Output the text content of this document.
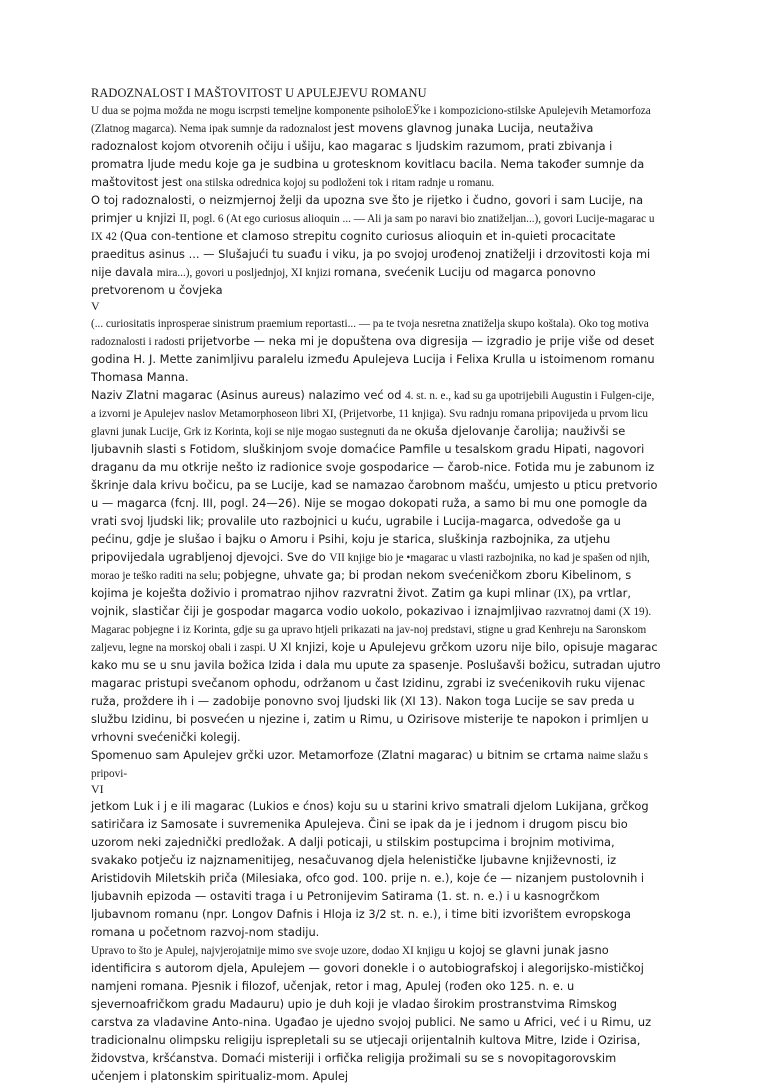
RADOZNALOST I MAŠTOVITOST U APULEJEVU ROMANU

U dua se pojma možda ne mogu iscrpsti temeljne komponente psiholoЕЎke i kompoziciono-stilske Apulejevih Metamorfoza (Zlatnog magarca). Nema ipak sumnje da radoznalost jest movens glavnog junaka Lucija, neutaživa radoznalost kojom otvorenih očiju i ušiju, kao magarac s ljudskim razumom, prati zbivanja i promatra ljude medu koje ga je sudbina u grotesknom kovitlacu bacila. Nema također sumnje da maštovitost jest ona stilska odrednica kojoj su podloženi tok i ritam radnje u romanu.

O toj radoznalosti, o neizmjernoj želji da upozna sve što je rijetko i čudno, govori i sam Lucije, na primjer u knjizi II, pogl. 6 (At ego curiosus alioquin ... — Ali ja sam po naravi bio znatiželjan...), govori Lucije-magarac u IX 42 (Qua con-tentione et clamoso strepitu cognito curiosus alioquin et in-quieti procacitate praeditus asinus ... — Slušajući tu suađu i viku, ja po svojoj urođenoj znatiželji i drzovitosti koja mi nije davala mira...), govori u posljednjoj, XI knjizi romana, svećenik Luciju od magarca ponovno pretvorenom u čovjeka

V

(... curiositatis inprosperae sinistrum praemium reportasti... — pa te tvoja nesretna znatiželja skupo koštala). Oko tog motiva radoznalosti i radosti prijetvorbe — neka mi je dopuštena ova digresija — izgradio je prije više od deset godina H. J. Mette zanimljivu paralelu između Apulejeva Lucija i Felixa Krulla u istoimenom romanu Thomasa Manna.

Naziv Zlatni magarac (Asinus aureus) nalazimo već od 4. st. n. e., kad su ga upotrijebili Augustin i Fulgen-cije, a izvorni je Apulejev naslov Metamorphoseon libri XI, (Prijetvorbe, 11 knjiga). Svu radnju romana pripovijeda u prvom licu glavni junak Lucije, Grk iz Korinta, koji se nije mogao sustegnuti da ne okuša djelovanje čarolija; nauživši se ljubavnih slasti s Fotidom, sluškinjom svoje domaćice Pamfile u tesalskom gradu Hipati, nagovori draganu da mu otkrije nešto iz radionice svoje gospodarice — čarob-nice. Fotida mu je zabunom iz škrinje dala krivu bočicu, pa se Lucije, kad se namazao čarobnom mašću, umjesto u pticu pretvorio u — magarca (fcnj. III, pogl. 24—26). Nije se mogao dokopati ruža, a samo bi mu one pomogle da vrati svoj ljudski lik; provalile uto razbojnici u kuću, ugrabile i Lucija-magarca, odvedoše ga u pećinu, gdje je slušao i bajku o Amoru i Psihi, koju je starica, sluškinja razbojnika, za utjehu pripovijedala ugrabljenoj djevojci. Sve do VII knjige bio je •magarac u vlasti razbojnika, no kad je spašen od njih, morao je teško raditi na selu; pobjegne, uhvate ga; bi prodan nekom svećeničkom zboru Kibelinom, s kojima je koješta doživio i promatrao njihov razvratni život. Zatim ga kupi mlinar (IX), pa vrtlar, vojnik, slastičar čiji je gospodar magarca vodio uokolo, pokazivao i iznajmljivao razvratnoj dami (X 19). Magarac pobjegne i iz Korinta, gdje su ga upravo htjeli prikazati na jav-noj predstavi, stigne u grad Kenhreju na Saronskom zaljevu, legne na morskoj obali i zaspi. U XI knjizi, koje u Apulejevu grčkom uzoru nije bilo, opisuje magarac kako mu se u snu javila božica Izida i dala mu upute za spasenje. Poslušavši božicu, sutradan ujutro magarac pristupi svečanom ophodu, održanom u čast Izidinu, zgrabi iz svećenikovih ruku vijenac ruža, proždere ih i — zadobije ponovno svoj ljudski lik (XI 13). Nakon toga Lucije se sav preda u službu Izidinu, bi posvećen u njezine i, zatim u Rimu, u Ozirisove misterije te napokon i primljen u vrhovni svećenički kolegij.

Spomenuo sam Apulejev grčki uzor. Metamorfoze (Zlatni magarac) u bitnim se crtama naime slažu s pripovi-

VI

jetkom Luk i j e ili magarac (Lukios e ćnos) koju su u starini krivo smatrali djelom Lukijana, grčkog satiričara iz Samosate i suvremenika Apulejeva. Čini se ipak da je i jednom i drugom piscu bio uzorom neki zajednički predložak. A dalji poticaji, u stilskim postupcima i brojnim motivima, svakako potječu iz najznamenitijeg, nesačuvanog djela helenističke ljubavne književnosti, iz Aristidovih Miletskih priča (Milesiaka, ofco god. 100. prije n. e.), koje će — nizanjem pustolovnih i ljubavnih epizoda — ostaviti traga i u Petronijevim Satirama (1. st. n. e.) i u kasnogrčkom ljubavnom romanu (npr. Longov Dafnis i Hloja iz 3/2 st. n. e.), i time biti izvorištem evropskoga romana u početnom razvoj-nom stadiju.

Upravo to što je Apulej, najvjerojatnije mimo sve svoje uzore, dodao XI knjigu u kojoj se glavni junak jasno identificira s autorom djela, Apulejem — govori donekle i o autobiografskoj i alegorijsko-mističkoj namjeni romana. Pjesnik i filozof, učenjak, retor i mag, Apulej (rođen oko 125. n. e. u sjevernoafričkom gradu Madauru) upio je duh koji je vladao širokim prostranstvima Rimskog carstva za vladavine Anto-nina. Ugađao je ujedno svojoj publici. Ne samo u Africi, već i u Rimu, uz tradicionalnu olimpsku religiju isprepletali su se utjecaji orijentalnih kultova Mitre, Izide i Ozirisa, židovstva, kršćanstva. Domaći misteriji i orfička religija prožimali su se s novopitagorovskim učenjem i platonskim spiritualiz-mom. Apulej
